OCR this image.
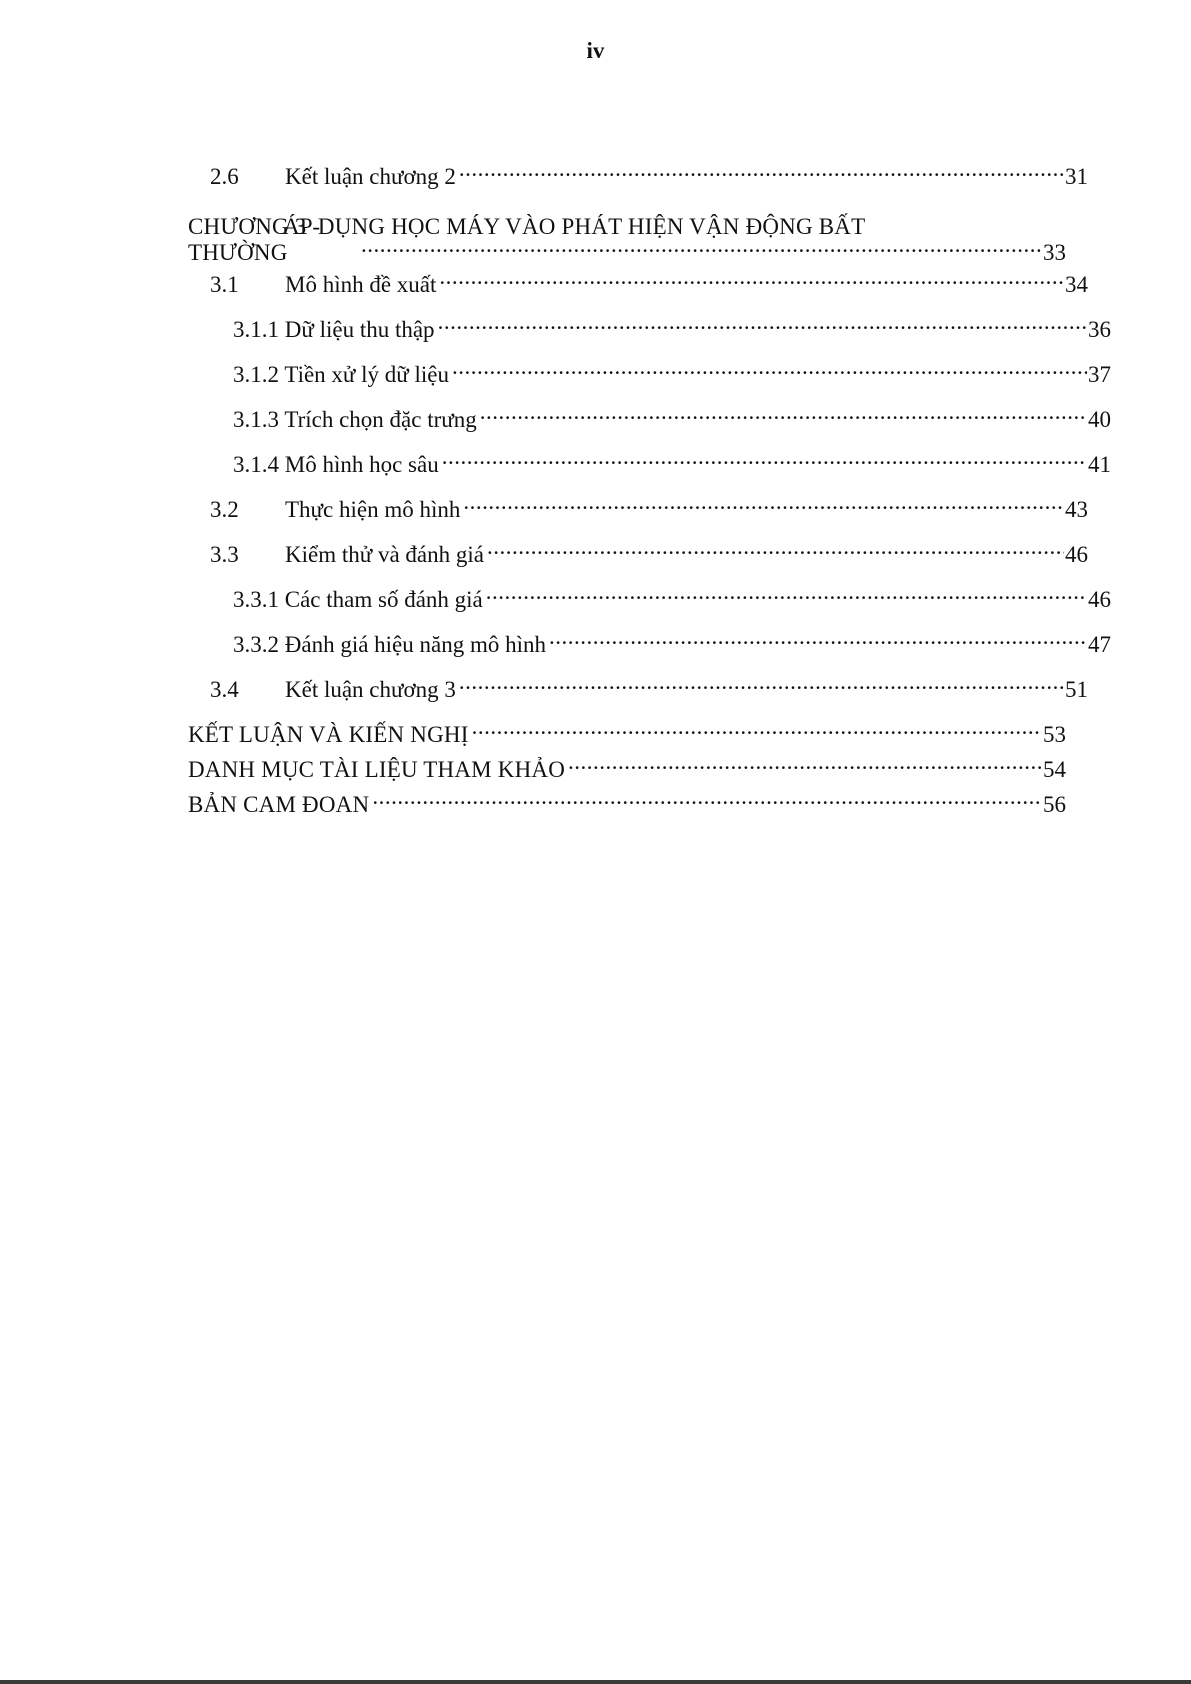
iv
2.6	Kết luận chương 2 .....	31
CHƯƠNG 3 -ÁP DỤNG HỌC MÁY VÀO PHÁT HIỆN VẬN ĐỘNG BẤT
THƯỜNG .....	33
3.1	Mô hình đề xuất .....	34
3.1.1 Dữ liệu thu thập .....	36
3.1.2 Tiền xử lý dữ liệu .....	37
3.1.3 Trích chọn đặc trưng .....	40
3.1.4 Mô hình học sâu .....	41
3.2	Thực hiện mô hình .....	43
3.3	Kiểm thử và đánh giá .....	46
3.3.1 Các tham số đánh giá .....	46
3.3.2 Đánh giá hiệu năng mô hình .....	47
3.4	Kết luận chương 3 .....	51
KẾT LUẬN VÀ KIẾN NGHỊ .....	53
DANH MỤC TÀI LIỆU THAM KHẢO .....	54
BẢN CAM ĐOAN .....	56
